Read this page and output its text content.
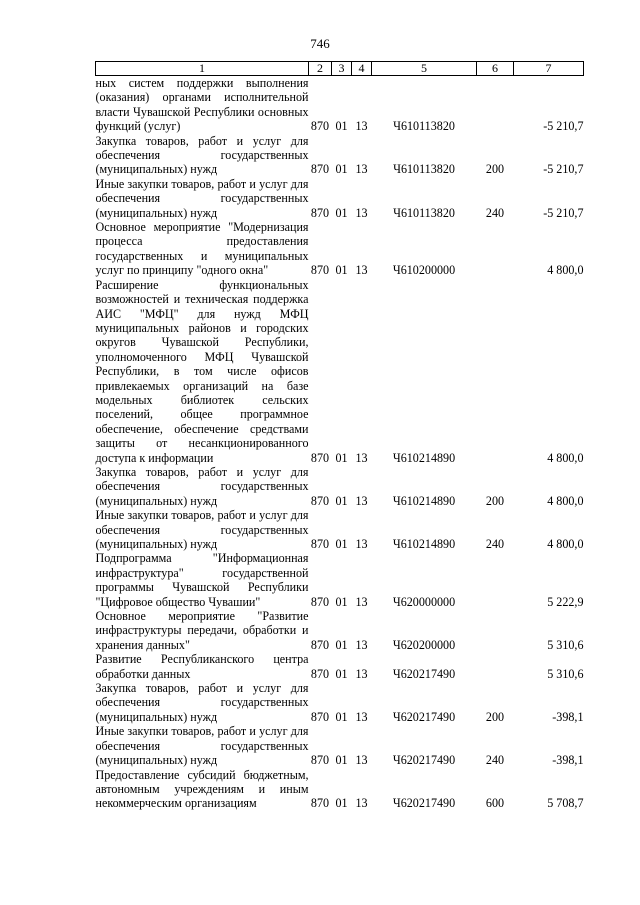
746
1	2	3	4	5	6	7
ных систем поддержки выполнения (оказания) органами исполнительной власти Чувашской Республики основных функций (услуг)	870	01	13	Ч610113820		-5 210,7
Закупка товаров, работ и услуг для обеспечения государственных (муниципальных) нужд	870	01	13	Ч610113820	200	-5 210,7
Иные закупки товаров, работ и услуг для обеспечения государственных (муниципальных) нужд	870	01	13	Ч610113820	240	-5 210,7
Основное мероприятие "Модернизация процесса предоставления государственных и муниципальных услуг по принципу "одного окна"	870	01	13	Ч610200000		4 800,0
Расширение функциональных возможностей и техническая поддержка АИС "МФЦ" для нужд МФЦ муниципальных районов и городских округов Чувашской Республики, уполномоченного МФЦ Чувашской Республики, в том числе офисов привлекаемых организаций на базе модельных библиотек сельских поселений, общее программное обеспечение, обеспечение средствами защиты от несанкционированного доступа к информации	870	01	13	Ч610214890		4 800,0
Закупка товаров, работ и услуг для обеспечения государственных (муниципальных) нужд	870	01	13	Ч610214890	200	4 800,0
Иные закупки товаров, работ и услуг для обеспечения государственных (муниципальных) нужд	870	01	13	Ч610214890	240	4 800,0
Подпрограмма "Информационная инфраструктура" государственной программы Чувашской Республики "Цифровое общество Чувашии"	870	01	13	Ч620000000		5 222,9
Основное мероприятие "Развитие инфраструктуры передачи, обработки и хранения данных"	870	01	13	Ч620200000		5 310,6
Развитие Республиканского центра обработки данных	870	01	13	Ч620217490		5 310,6
Закупка товаров, работ и услуг для обеспечения государственных (муниципальных) нужд	870	01	13	Ч620217490	200	-398,1
Иные закупки товаров, работ и услуг для обеспечения государственных (муниципальных) нужд	870	01	13	Ч620217490	240	-398,1
Предоставление субсидий бюджетным, автономным учреждениям и иным некоммерческим организациям	870	01	13	Ч620217490	600	5 708,7
